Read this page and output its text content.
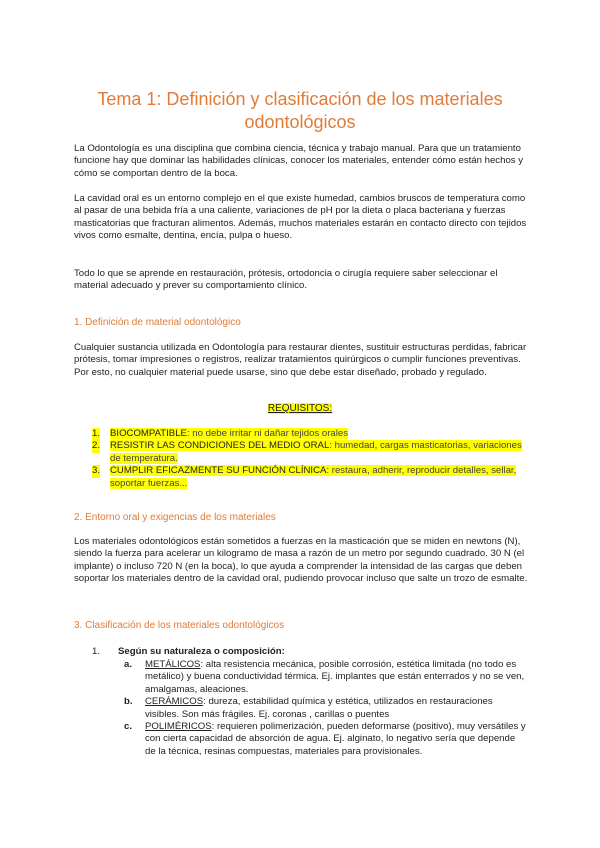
Tema 1: Definición y clasificación de los materiales odontológicos

La Odontología es una disciplina que combina ciencia, técnica y trabajo manual. Para que un tratamiento funcione hay que dominar las habilidades clínicas, conocer los materiales, entender cómo están hechos y cómo se comportan dentro de la boca.

La cavidad oral es un entorno complejo en el que existe humedad, cambios bruscos de temperatura como al pasar de una bebida fría a una caliente, variaciones de pH por la dieta o placa bacteriana y fuerzas masticatorias que fracturan alimentos. Además, muchos materiales estarán en contacto directo con tejidos vivos como esmalte, dentina, encía, pulpa o hueso.

Todo lo que se aprende en restauración, prótesis, ortodoncia o cirugía requiere saber seleccionar el material adecuado y prever su comportamiento clínico.

1. Definición de material odontológico

Cualquier sustancia utilizada en Odontología para restaurar dientes, sustituir estructuras perdidas, fabricar prótesis, tomar impresiones o registros, realizar tratamientos quirúrgicos o cumplir funciones preventivas. Por esto, no cualquier material puede usarse, sino que debe estar diseñado, probado y regulado.

REQUISITOS:
1. BIOCOMPATIBLE: no debe irritar ni dañar tejidos orales
2. RESISTIR LAS CONDICIONES DEL MEDIO ORAL: humedad, cargas masticatorias, variaciones de temperatura.
3. CUMPLIR EFICAZMENTE SU FUNCIÓN CLÍNICA: restaura, adherir, reproducir detalles, sellar, soportar fuerzas...

2. Entorno oral y exigencias de los materiales

Los materiales odontológicos están sometidos a fuerzas en la masticación que se miden en newtons (N), siendo la fuerza para acelerar un kilogramo de masa a razón de un metro por segundo cuadrado. 30 N (el implante) o incluso 720 N (en la boca), lo que ayuda a comprender la intensidad de las cargas que deben soportar los materiales dentro de la cavidad oral, pudiendo provocar incluso que salte un trozo de esmalte.

3. Clasificación de los materiales odontológicos

1. Según su naturaleza o composición:
a. METÁLICOS: alta resistencia mecánica, posible corrosión, estética limitada (no todo es metálico) y buena conductividad térmica. Ej. implantes que están enterrados y no se ven, amalgamas, aleaciones.
b. CERÁMICOS: dureza, estabilidad química y estética, utilizados en restauraciones visibles. Son más frágiles. Ej. coronas , carillas o puentes
c. POLIMÉRICOS: requieren polimerización, pueden deformarse (positivo), muy versátiles y con cierta capacidad de absorción de agua. Ej. alginato, lo negativo sería que depende de la técnica, resinas compuestas, materiales para provisionales.
